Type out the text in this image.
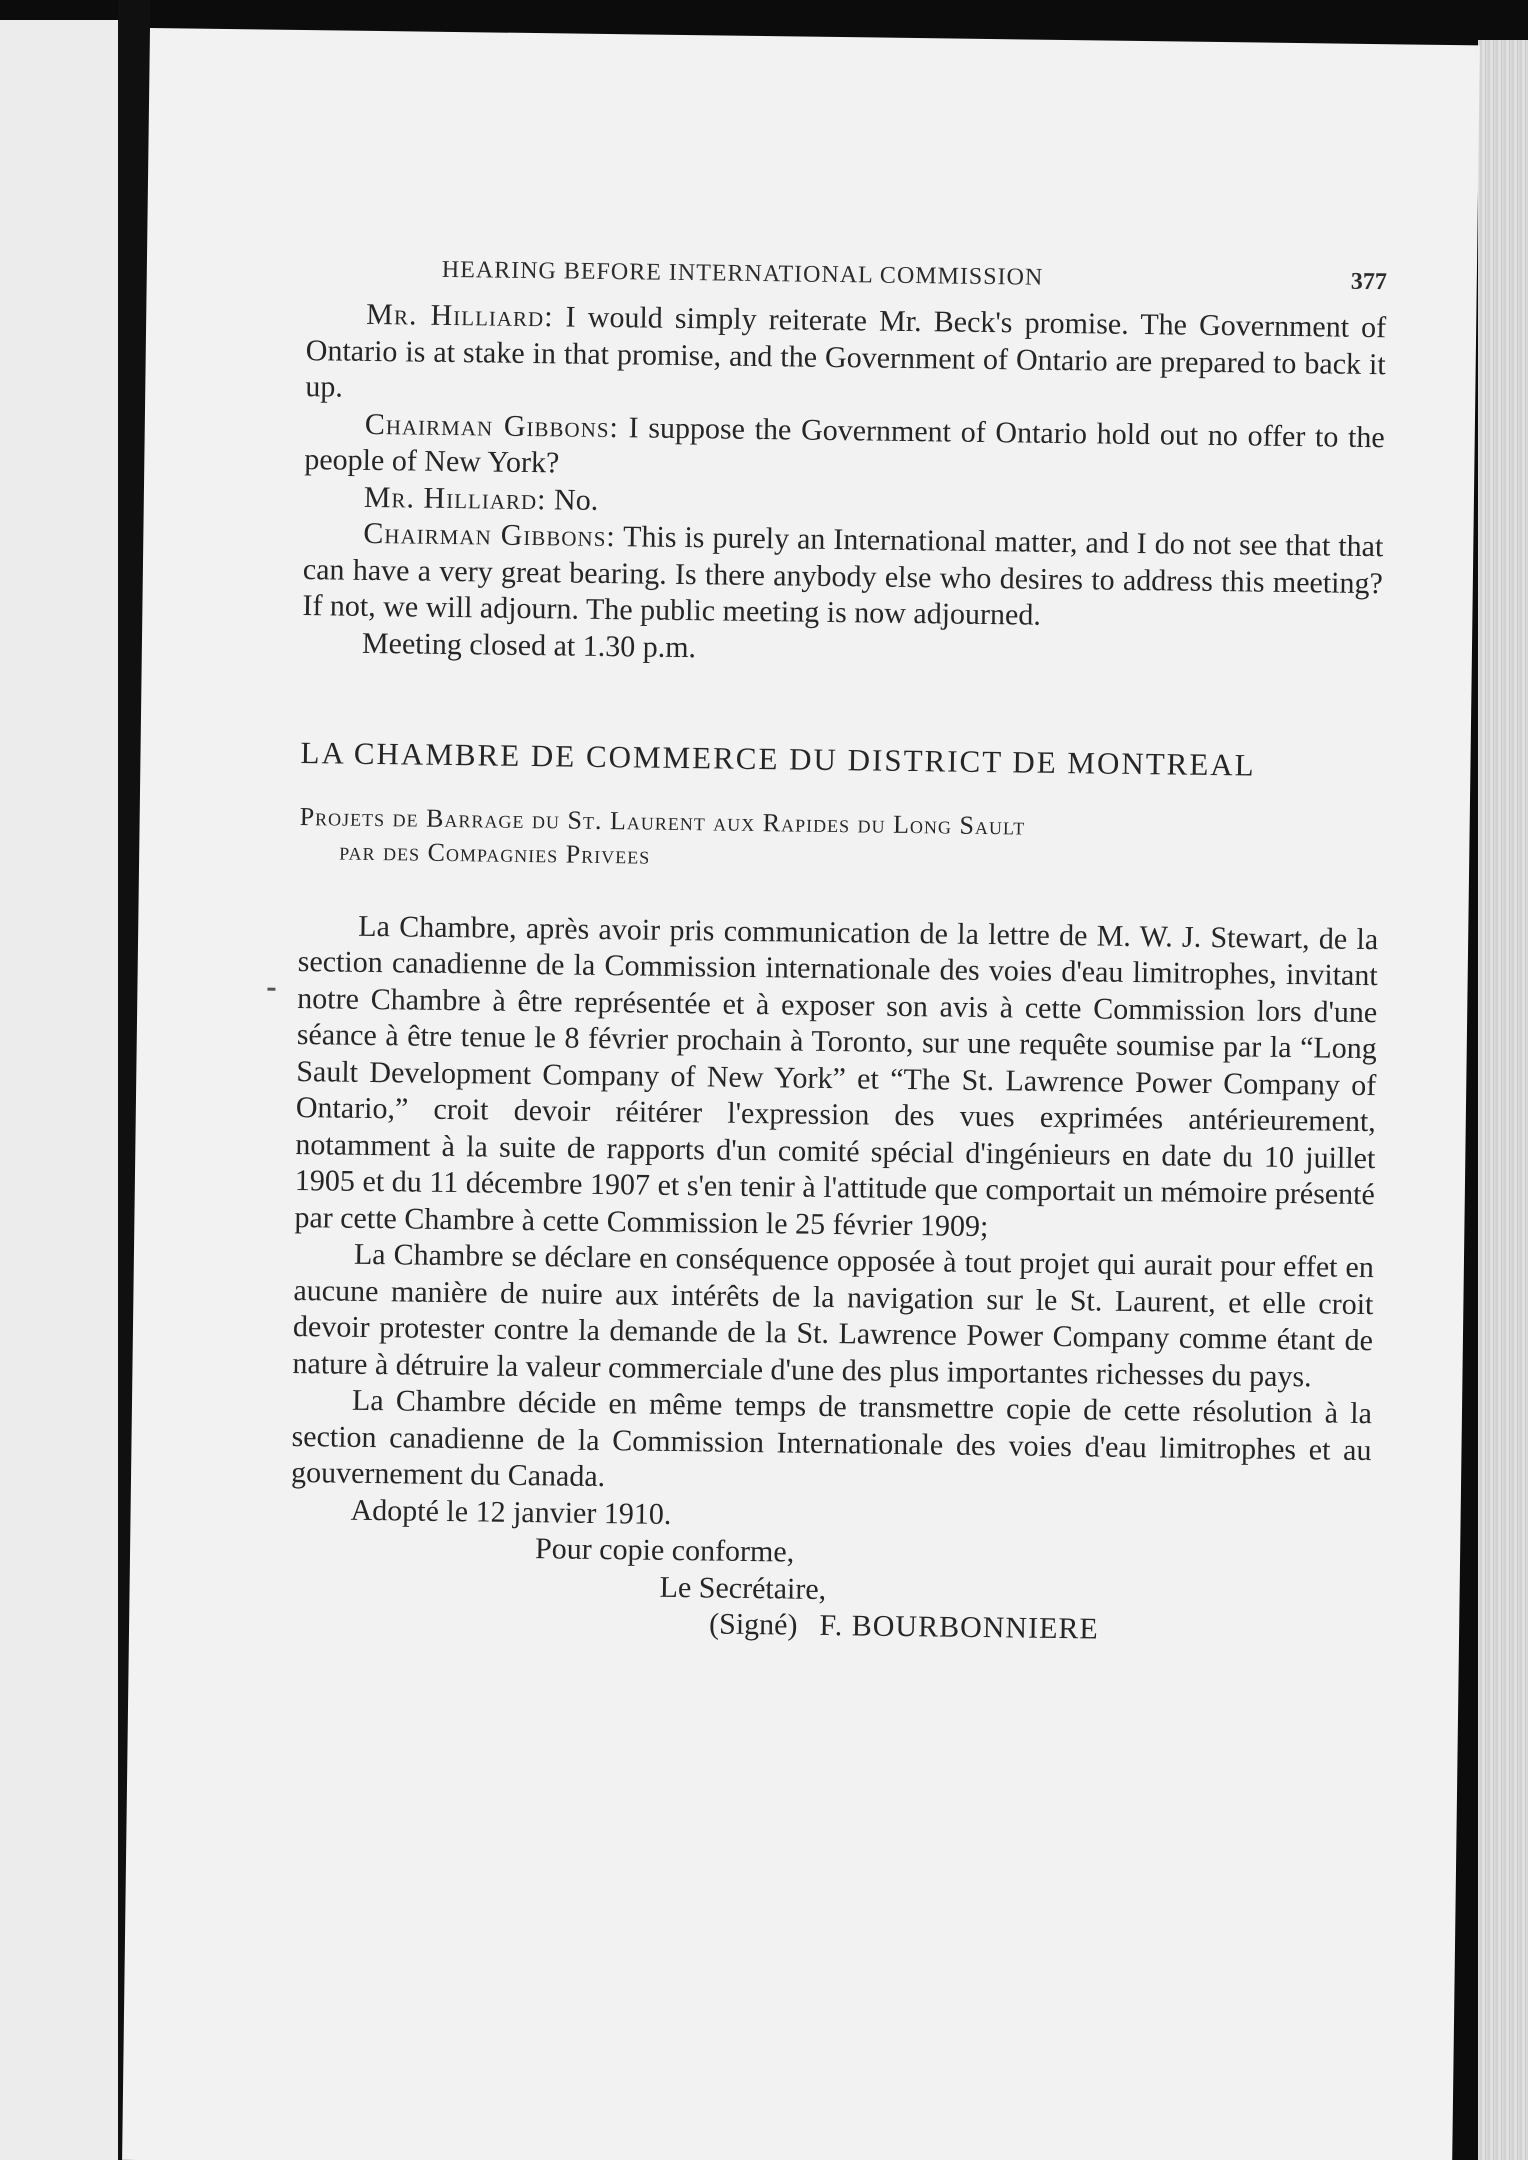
HEARING BEFORE INTERNATIONAL COMMISSION	377

Mr. Hilliard: I would simply reiterate Mr. Beck's promise. The Government of Ontario is at stake in that promise, and the Government of Ontario are prepared to back it up.

Chairman Gibbons: I suppose the Government of Ontario hold out no offer to the people of New York?

Mr. Hilliard: No.

Chairman Gibbons: This is purely an International matter, and I do not see that that can have a very great bearing. Is there anybody else who desires to address this meeting? If not, we will adjourn. The public meeting is now adjourned.

Meeting closed at 1.30 p.m.

LA CHAMBRE DE COMMERCE DU DISTRICT DE MONTREAL
Projets de Barrage du St. Laurent aux Rapides du Long Sault
par des Compagnies Privees

La Chambre, après avoir pris communication de la lettre de M. W. J. Stewart, de la section canadienne de la Commission internationale des voies d'eau limitrophes, invitant notre Chambre à être représentée et à exposer son avis à cette Commission lors d'une séance à être tenue le 8 février prochain à Toronto, sur une requête soumise par la “Long Sault Development Company of New York” et “The St. Lawrence Power Company of Ontario,” croit devoir réitérer l'expression des vues exprimées antérieurement, notamment à la suite de rapports d'un comité spécial d'ingénieurs en date du 10 juillet 1905 et du 11 décembre 1907 et s'en tenir à l'attitude que comportait un mémoire présenté par cette Chambre à cette Commission le 25 février 1909;

La Chambre se déclare en conséquence opposée à tout projet qui aurait pour effet en aucune manière de nuire aux intérêts de la navigation sur le St. Laurent, et elle croit devoir protester contre la demande de la St. Lawrence Power Company comme étant de nature à détruire la valeur commerciale d'une des plus importantes richesses du pays.

La Chambre décide en même temps de transmettre copie de cette résolution à la section canadienne de la Commission Internationale des voies d'eau limitrophes et au gouvernement du Canada.

Adopté le 12 janvier 1910.

Pour copie conforme,
Le Secrétaire,
(Signé) F. BOURBONNIERE
